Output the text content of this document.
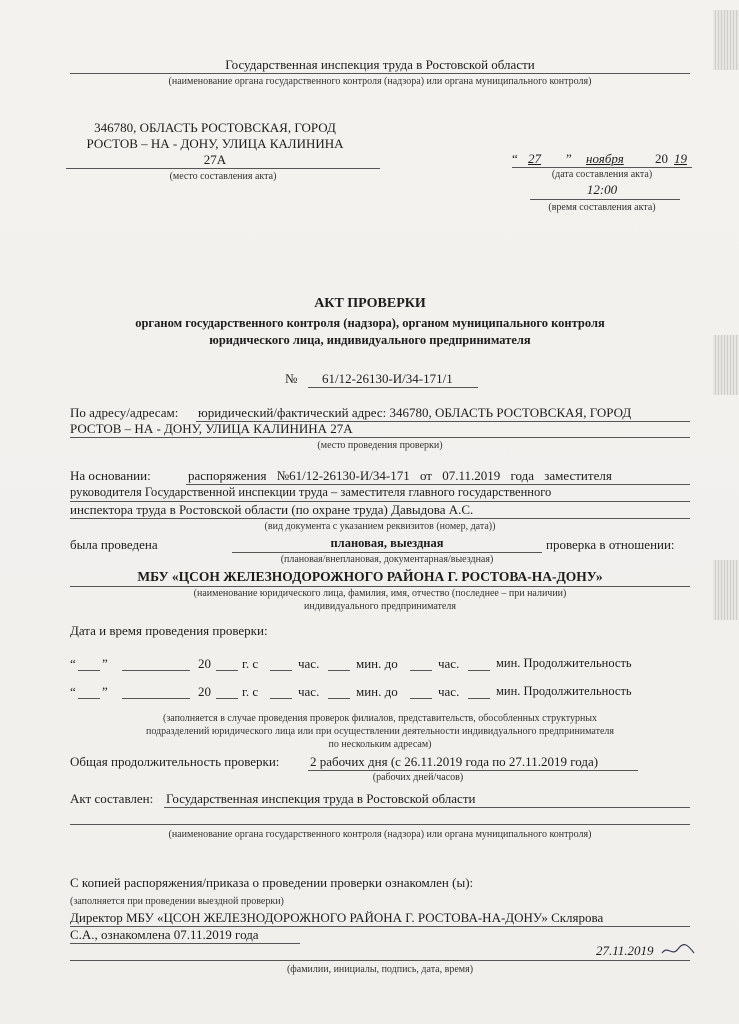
Государственная инспекция труда в Ростовской области
(наименование органа государственного контроля (надзора) или органа муниципального контроля)
346780, ОБЛАСТЬ РОСТОВСКАЯ, ГОРОД
РОСТОВ – НА - ДОНУ, УЛИЦА КАЛИНИНА
27А
(место составления акта)
“ 27 ” ноября 20 19
(дата составления акта)
12:00
(время составления акта)
АКТ ПРОВЕРКИ
органом государственного контроля (надзора), органом муниципального контроля
юридического лица, индивидуального предпринимателя
№ 61/12-26130-И/34-171/1
По адресу/адресам: юридический/фактический адрес: 346780, ОБЛАСТЬ РОСТОВСКАЯ, ГОРОД
РОСТОВ – НА - ДОНУ, УЛИЦА КАЛИНИНА 27А
(место проведения проверки)
На основании:	распоряжения №61/12-26130-И/34-171 от 07.11.2019 года заместителя
руководителя Государственной инспекции труда – заместителя главного государственного
инспектора труда в Ростовской области (по охране труда) Давыдова А.С.
(вид документа с указанием реквизитов (номер, дата))
была проведена	плановая, выездная	проверка в отношении:
(плановая/внеплановая, документарная/выездная)
МБУ «ЦСОН ЖЕЛЕЗНОДОРОЖНОГО РАЙОНА Г. РОСТОВА-НА-ДОНУ»
(наименование юридического лица, фамилия, имя, отчество (последнее – при наличии)
индивидуального предпринимателя
Дата и время проведения проверки:
“ ”	20 г. с	час.	мин. до	час.	мин. Продолжительность
“ ”	20 г. с	час.	мин. до	час.	мин. Продолжительность
(заполняется в случае проведения проверок филиалов, представительств, обособленных структурных
подразделений юридического лица или при осуществлении деятельности индивидуального предпринимателя
по нескольким адресам)
Общая продолжительность проверки: 2 рабочих дня (с 26.11.2019 года по 27.11.2019 года)
(рабочих дней/часов)
Акт составлен: Государственная инспекция труда в Ростовской области
(наименование органа государственного контроля (надзора) или органа муниципального контроля)
С копией распоряжения/приказа о проведении проверки ознакомлен (ы):
(заполняется при проведении выездной проверки)
Директор МБУ «ЦСОН ЖЕЛЕЗНОДОРОЖНОГО РАЙОНА Г. РОСТОВА-НА-ДОНУ» Склярова
С.А., ознакомлена 07.11.2019 года
27.11.2019
(фамилии, инициалы, подпись, дата, время)
